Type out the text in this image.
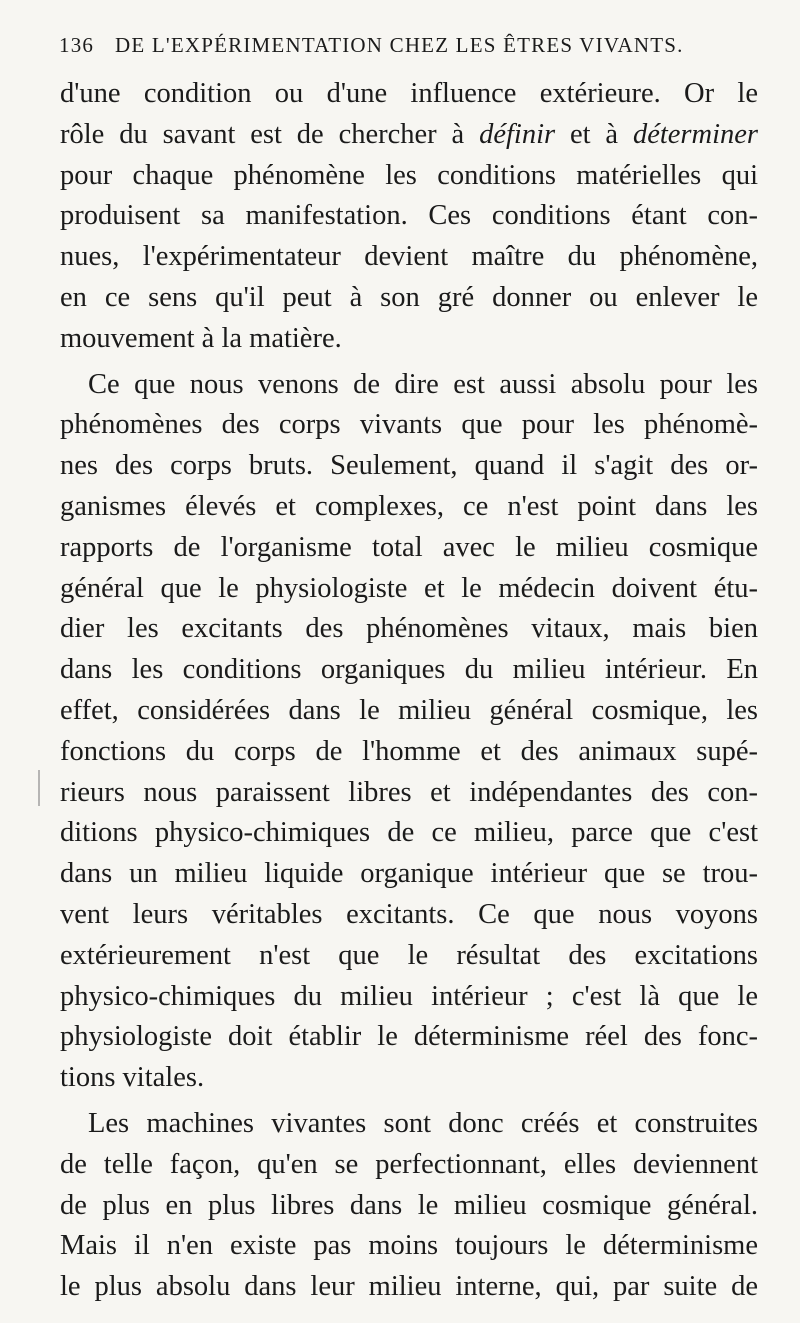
136 DE L'EXPÉRIMENTATION CHEZ LES ÊTRES VIVANTS.
d'une condition ou d'une influence extérieure. Or le
rôle du savant est de chercher à définir et à déterminer
pour chaque phénomène les conditions matérielles qui
produisent sa manifestation. Ces conditions étant con-
nues, l'expérimentateur devient maître du phénomène,
en ce sens qu'il peut à son gré donner ou enlever le
mouvement à la matière.
Ce que nous venons de dire est aussi absolu pour les
phénomènes des corps vivants que pour les phénomè-
nes des corps bruts. Seulement, quand il s'agit des or-
ganismes élevés et complexes, ce n'est point dans les
rapports de l'organisme total avec le milieu cosmique
général que le physiologiste et le médecin doivent étu-
dier les excitants des phénomènes vitaux, mais bien
dans les conditions organiques du milieu intérieur. En
effet, considérées dans le milieu général cosmique, les
fonctions du corps de l'homme et des animaux supé-
rieurs nous paraissent libres et indépendantes des con-
ditions physico-chimiques de ce milieu, parce que c'est
dans un milieu liquide organique intérieur que se trou-
vent leurs véritables excitants. Ce que nous voyons
extérieurement n'est que le résultat des excitations
physico-chimiques du milieu intérieur ; c'est là que le
physiologiste doit établir le déterminisme réel des fonc-
tions vitales.
Les machines vivantes sont donc créés et construites
de telle façon, qu'en se perfectionnant, elles deviennent
de plus en plus libres dans le milieu cosmique général.
Mais il n'en existe pas moins toujours le déterminisme
le plus absolu dans leur milieu interne, qui, par suite de
